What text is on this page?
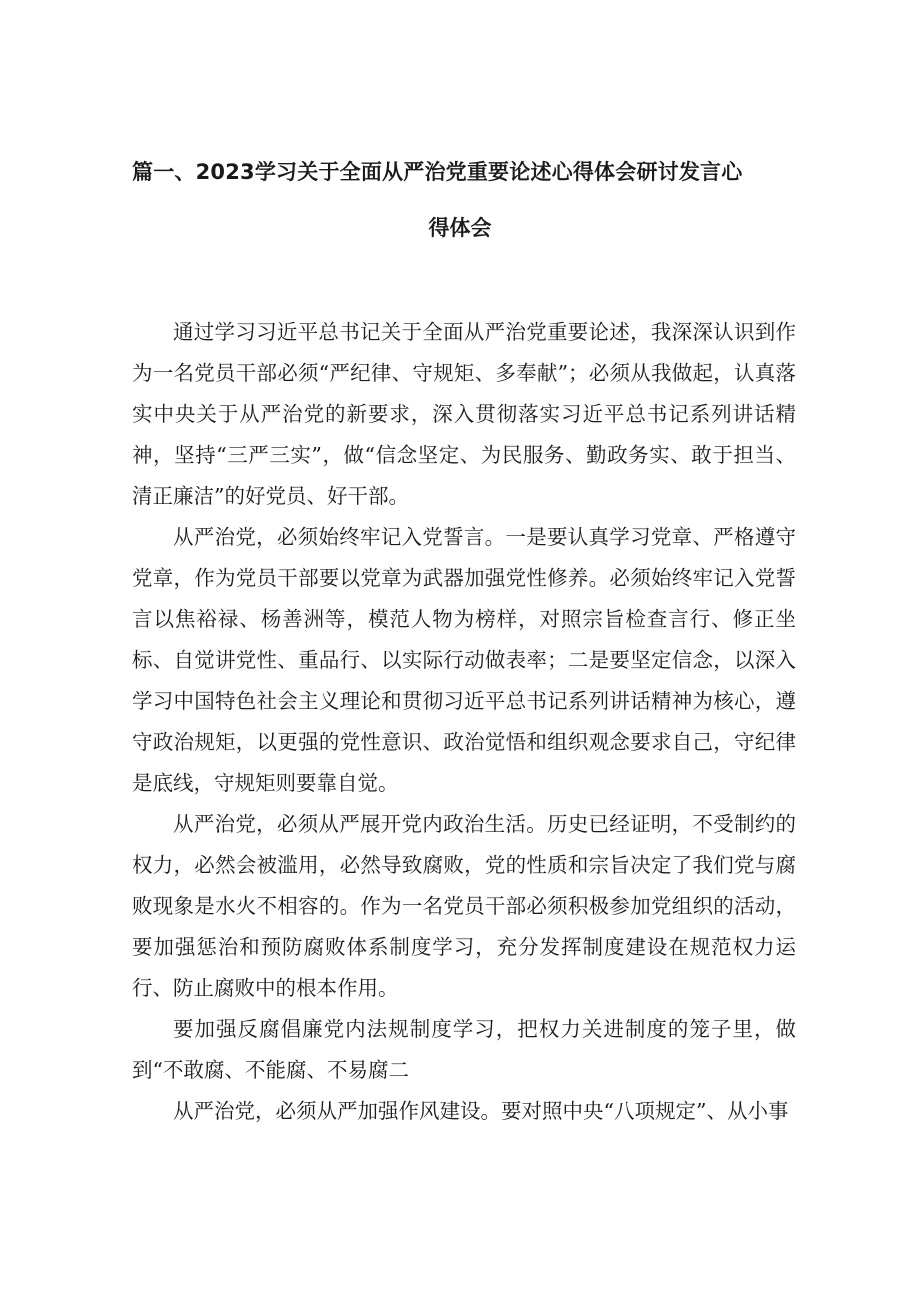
篇一、2023学习关于全面从严治党重要论述心得体会研讨发言心
得体会

通过学习习近平总书记关于全面从严治党重要论述，我深深认识到作为一名党员干部必须“严纪律、守规矩、多奉献”；必须从我做起，认真落实中央关于从严治党的新要求，深入贯彻落实习近平总书记系列讲话精神，坚持“三严三实”，做“信念坚定、为民服务、勤政务实、敢于担当、清正廉洁”的好党员、好干部。

从严治党，必须始终牢记入党誓言。一是要认真学习党章、严格遵守党章，作为党员干部要以党章为武器加强党性修养。必须始终牢记入党誓言以焦裕禄、杨善洲等，模范人物为榜样，对照宗旨检查言行、修正坐标、自觉讲党性、重品行、以实际行动做表率；二是要坚定信念，以深入学习中国特色社会主义理论和贯彻习近平总书记系列讲话精神为核心，遵守政治规矩，以更强的党性意识、政治觉悟和组织观念要求自己，守纪律是底线，守规矩则要靠自觉。

从严治党，必须从严展开党内政治生活。历史已经证明，不受制约的权力，必然会被滥用，必然导致腐败，党的性质和宗旨决定了我们党与腐败现象是水火不相容的。作为一名党员干部必须积极参加党组织的活动，要加强惩治和预防腐败体系制度学习，充分发挥制度建设在规范权力运行、防止腐败中的根本作用。

要加强反腐倡廉党内法规制度学习，把权力关进制度的笼子里，做到“不敢腐、不能腐、不易腐二

从严治党，必须从严加强作风建设。要对照中央“八项规定”、从小事
